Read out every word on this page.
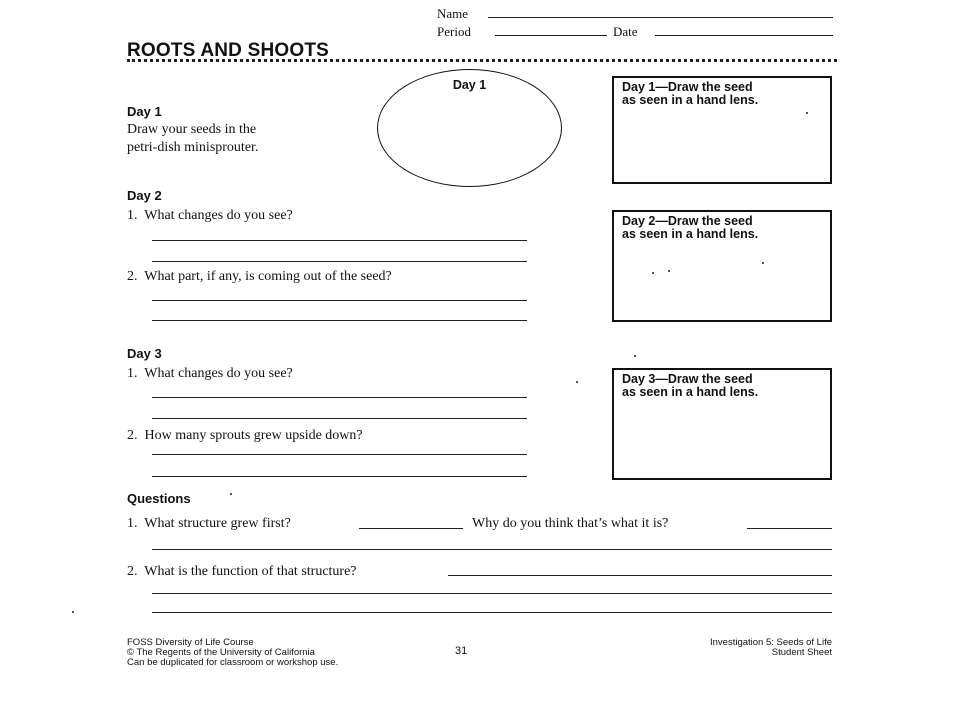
Name
Period	Date
ROOTS AND SHOOTS
Day 1
Draw your seeds in the
petri-dish minisprouter.
Day 1	Day 1—Draw the seed
as seen in a hand lens.
Day 2
1.  What changes do you see?
2.  What part, if any, is coming out of the seed?
Day 2—Draw the seed
as seen in a hand lens.
Day 3
1.  What changes do you see?
2.  How many sprouts grew upside down?
Day 3—Draw the seed
as seen in a hand lens.
Questions
1.  What structure grew first?	Why do you think that’s what it is?
2.  What is the function of that structure?
FOSS Diversity of Life Course
© The Regents of the University of California
Can be duplicated for classroom or workshop use.
31
Investigation 5: Seeds of Life
Student Sheet
